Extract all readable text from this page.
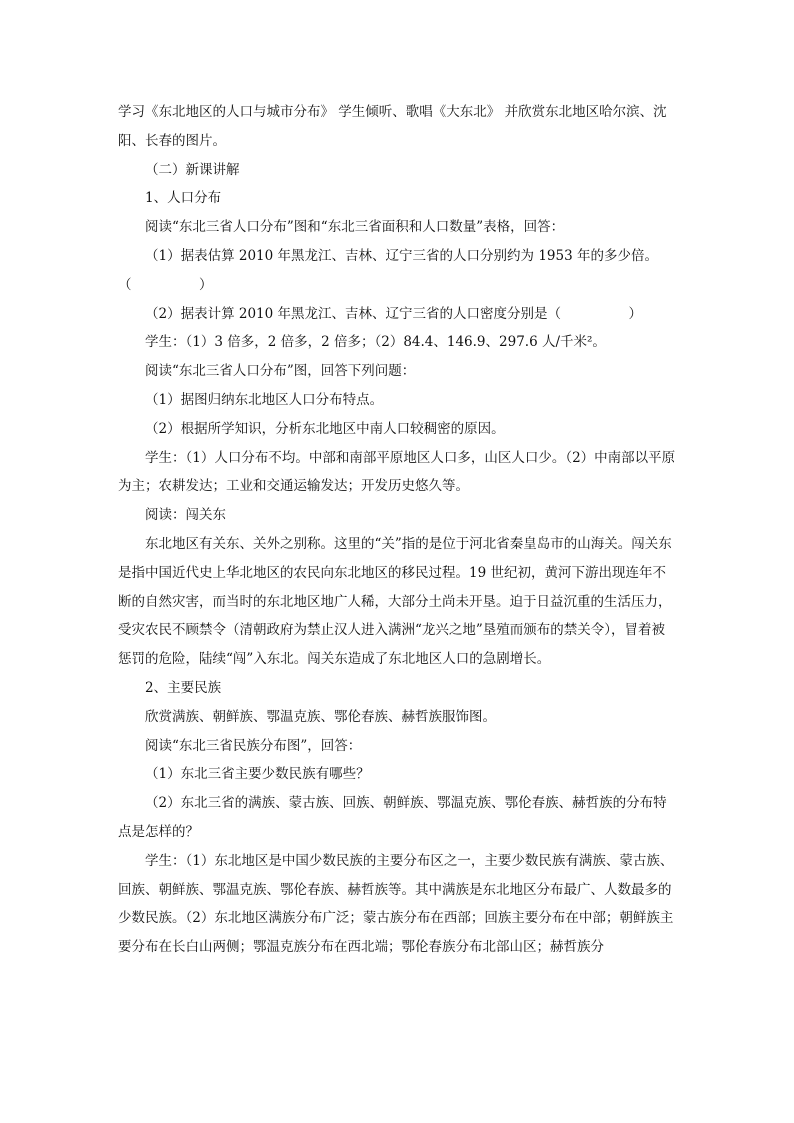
学习《东北地区的人口与城市分布》 学生倾听、歌唱《大东北》 并欣赏东北地区哈尔滨、沈阳、长春的图片。

（二）新课讲解

1、人口分布

阅读“东北三省人口分布”图和“东北三省面积和人口数量”表格，回答：

（1）据表估算 2010 年黑龙江、吉林、辽宁三省的人口分别约为 1953 年的多少倍。

（　　　　　）

（2）据表计算 2010 年黑龙江、吉林、辽宁三省的人口密度分别是（　　　　　）

学生：（1）3 倍多，2 倍多，2 倍多；（2）84.4、146.9、297.6 人/千米²。

阅读“东北三省人口分布”图，回答下列问题：

（1）据图归纳东北地区人口分布特点。

（2）根据所学知识，分析东北地区中南人口较稠密的原因。

学生：（1）人口分布不均。中部和南部平原地区人口多，山区人口少。（2）中南部以平原为主；农耕发达；工业和交通运输发达；开发历史悠久等。

阅读：闯关东

东北地区有关东、关外之别称。这里的“关”指的是位于河北省秦皇岛市的山海关。闯关东是指中国近代史上华北地区的农民向东北地区的移民过程。19 世纪初，黄河下游出现连年不断的自然灾害，而当时的东北地区地广人稀，大部分土尚未开垦。迫于日益沉重的生活压力，受灾农民不顾禁令（清朝政府为禁止汉人进入满洲“龙兴之地”垦殖而颁布的禁关令），冒着被惩罚的危险，陆续“闯”入东北。闯关东造成了东北地区人口的急剧增长。

2、主要民族

欣赏满族、朝鲜族、鄂温克族、鄂伦春族、赫哲族服饰图。

阅读“东北三省民族分布图”，回答：

（1）东北三省主要少数民族有哪些？

（2）东北三省的满族、蒙古族、回族、朝鲜族、鄂温克族、鄂伦春族、赫哲族的分布特点是怎样的？

学生：（1）东北地区是中国少数民族的主要分布区之一，主要少数民族有满族、蒙古族、回族、朝鲜族、鄂温克族、鄂伦春族、赫哲族等。其中满族是东北地区分布最广、人数最多的少数民族。（2）东北地区满族分布广泛；蒙古族分布在西部；回族主要分布在中部；朝鲜族主要分布在长白山两侧；鄂温克族分布在西北端；鄂伦春族分布北部山区；赫哲族分
